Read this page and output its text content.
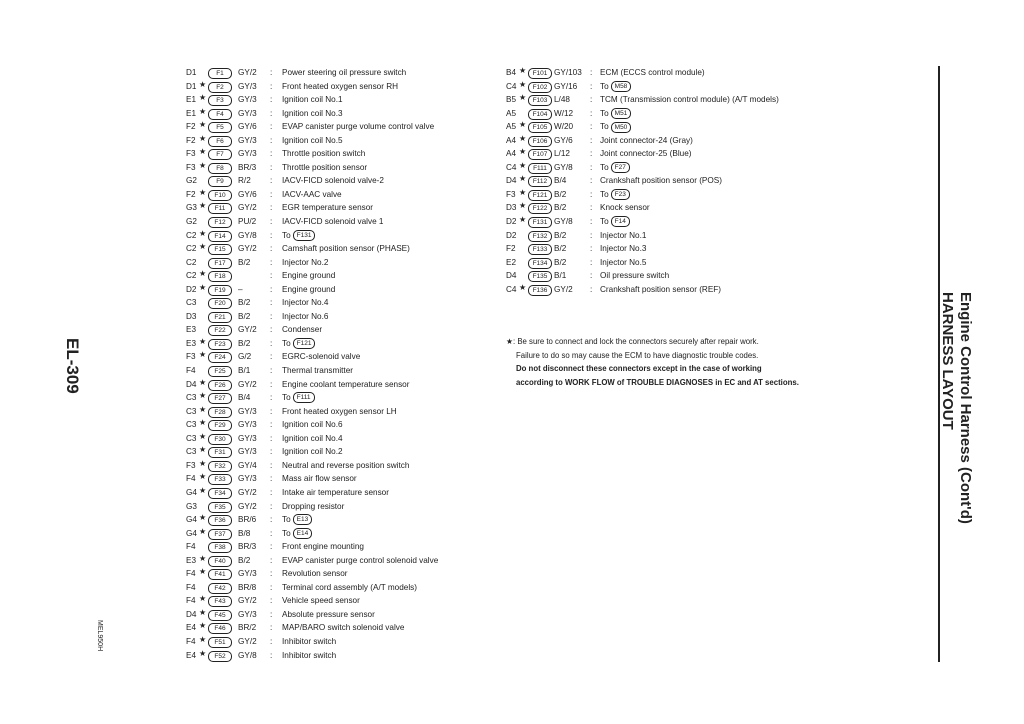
D1	F1	GY/2 : Power steering oil pressure switch
D1 ★	F2	GY/3 : Front heated oxygen sensor RH
E1 ★	F3	GY/3 : Ignition coil No.1
E1 ★	F4	GY/3 : Ignition coil No.3
F2 ★	F5	GY/6 : EVAP canister purge volume control valve
F2 ★	F6	GY/3 : Ignition coil No.5
F3 ★	F7	GY/3 : Throttle position switch
F3 ★	F8	BR/3 : Throttle position sensor
G2	F9	R/2 : IACV-FICD solenoid valve-2
F2 ★	F10	GY/6 : IACV-AAC valve
G3 ★	F11	GY/2 : EGR temperature sensor
G2	F12	PU/2 : IACV-FICD solenoid valve 1
C2 ★	F14	GY/8 : To F131
C2 ★	F15	GY/2 : Camshaft position sensor (PHASE)
C2	F17	B/2 : Injector No.2
C2 ★	F18	: Engine ground
D2 ★	F19	–	: Engine ground
C3	F20	B/2 : Injector No.4
D3	F21	B/2 : Injector No.6
E3	F22	GY/2 : Condenser
E3 ★	F23	B/2 : To F121
F3 ★	F24	G/2 : EGRC-solenoid valve
F4	F25	B/1 : Thermal transmitter
D4 ★	F26	GY/2 : Engine coolant temperature sensor
C3 ★	F27	B/4 : To F111
C3 ★	F28	GY/3 : Front heated oxygen sensor LH
C3 ★	F29	GY/3 : Ignition coil No.6
C3 ★	F30	GY/3 : Ignition coil No.4
C3 ★	F31	GY/3 : Ignition coil No.2
F3 ★	F32	GY/4 : Neutral and reverse position switch
F4 ★	F33	GY/3 : Mass air flow sensor
G4 ★	F34	GY/2 : Intake air temperature sensor
G3	F35	GY/2 : Dropping resistor
G4 ★	F36	BR/6 : To E13
G4 ★	F37	B/8 : To E14
F4	F38	BR/3 : Front engine mounting
E3 ★	F40	B/2 : EVAP canister purge control solenoid valve
F4 ★	F41	GY/3 : Revolution sensor
F4	F42	BR/8 : Terminal cord assembly (A/T models)
F4 ★	F43	GY/2 : Vehicle speed sensor
D4 ★	F45	GY/3 : Absolute pressure sensor
E4 ★	F46	BR/2 : MAP/BARO switch solenoid valve
F4 ★	F51	GY/2 : Inhibitor switch
E4 ★	F52	GY/8 : Inhibitor switch
B4 ★ F101 GY/103 : ECM (ECCS control module)
C4 ★ F102 GY/16 : To M58
B5 ★ F103 L/48 : TCM (Transmission control module) (A/T models)
A5	F104 W/12 : To M51
A5 ★ F105 W/20 : To M50
A4 ★ F106 GY/6 : Joint connector-24 (Gray)
A4 ★ F107 L/12 : Joint connector-25 (Blue)
C4 ★	F111 GY/8 : To F27
D4 ★	F112 B/4	: Crankshaft position sensor (POS)
F3 ★ F121 B/2	: To F23
D3 ★ F122 B/2	: Knock sensor
D2 ★ F131 GY/8 : To F14
D2	F132 B/2	: Injector No.1
F2	F133 B/2	: Injector No.3
E2	F134 B/2	: Injector No.5
D4	F135 B/1	: Oil pressure switch
C4 ★ F136 GY/2 : Crankshaft position sensor (REF)
★: Be sure to connect and lock the connectors securely after repair work.
Failure to do so may cause the ECM to have diagnostic trouble codes.
Do not disconnect these connectors except in the case of working
according to WORK FLOW of TROUBLE DIAGNOSES in EC and AT sections.	HARNESS LAYOUT Engine Control Harness (Cont'd)
EL-309
MEL950H
